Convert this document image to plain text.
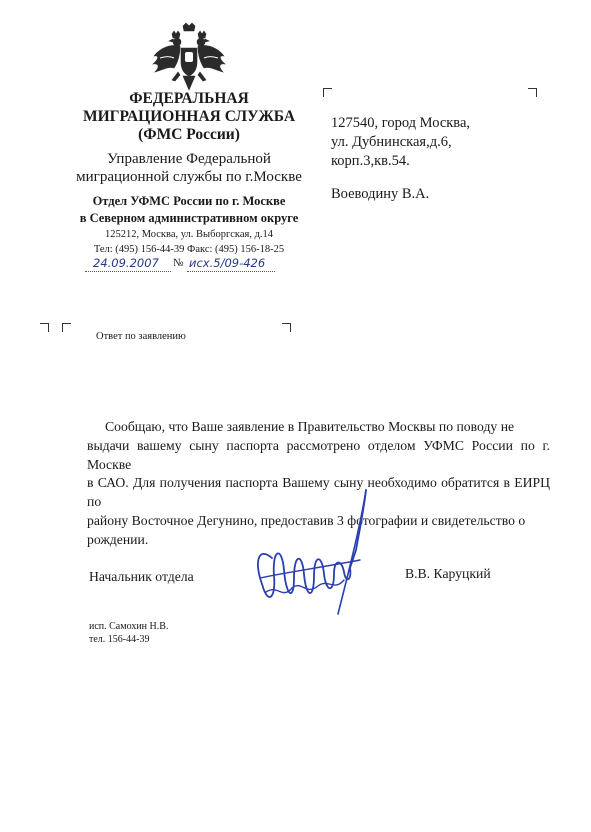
ФЕДЕРАЛЬНАЯ
МИГРАЦИОННАЯ СЛУЖБА
(ФМС России)
Управление Федеральной
миграционной службы по г.Москве
Отдел УФМС России по г. Москве
в Северном административном округе
125212, Москва, ул. Выборгская, д.14
Тел: (495) 156-44-39 Факс: (495) 156-18-25
24.09.2007 № исх.5/09-426
127540, город Москва,
ул. Дубнинская,д.6,
корп.3,кв.54.
Воеводину В.А.
Ответ по заявлению
Сообщаю, что Ваше заявление в Правительство Москвы по поводу не
выдачи вашему сыну паспорта рассмотрено отделом УФМС России по г. Москве
в САО. Для получения паспорта Вашему сыну необходимо обратится в ЕИРЦ по
району Восточное Дегунино, предоставив 3 фотографии и свидетельство о
рождении.
Начальник отдела	В.В. Каруцкий
исп. Самохин Н.В.
тел. 156-44-39
